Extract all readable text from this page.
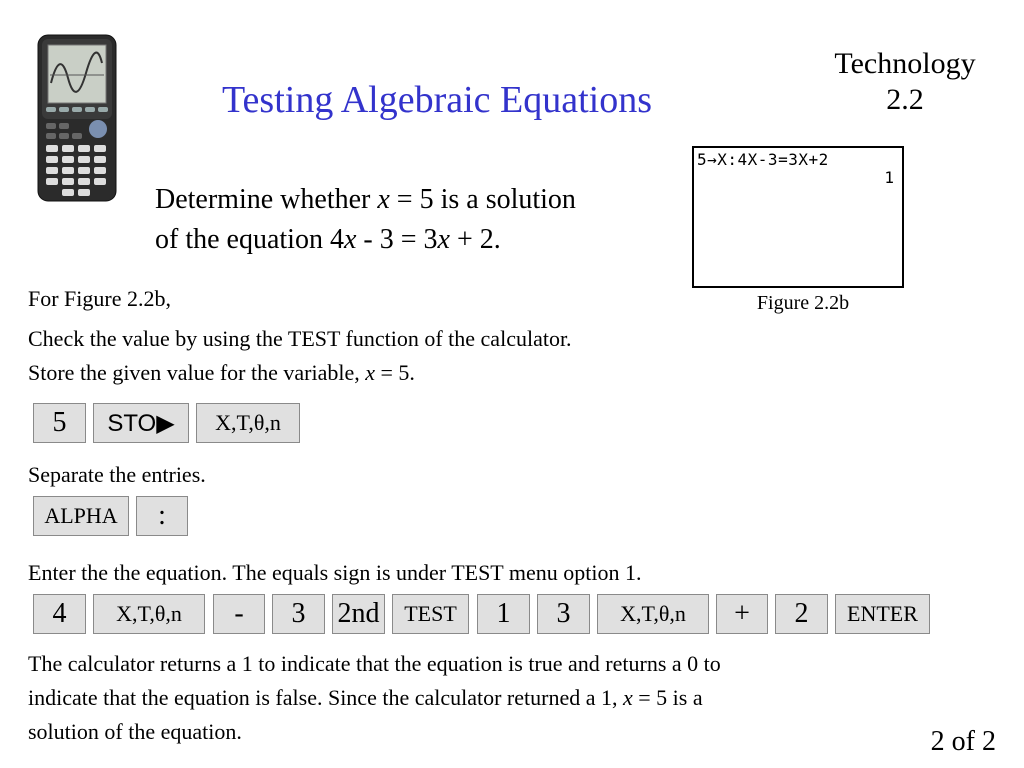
Testing Algebraic Equations
Technology
2.2
Determine whether x = 5 is a solution
of the equation 4x - 3 = 3x + 2.
5→X:4X-3=3X+2
1
Figure 2.2b
For Figure 2.2b,
Check the value by using the TEST function of the calculator.
Store the given value for the variable, x = 5.
5	STO▶	X,T,θ,n
Separate the entries.
ALPHA	:
Enter the the equation. The equals sign is under TEST menu option 1.
4	X,T,θ,n	-	3	2nd	TEST	1	3	X,T,θ,n	+	2	ENTER
The calculator returns a 1 to indicate that the equation is true and returns a 0 to
indicate that the equation is false. Since the calculator returned a 1, x = 5 is a
solution of the equation.	2 of 2
